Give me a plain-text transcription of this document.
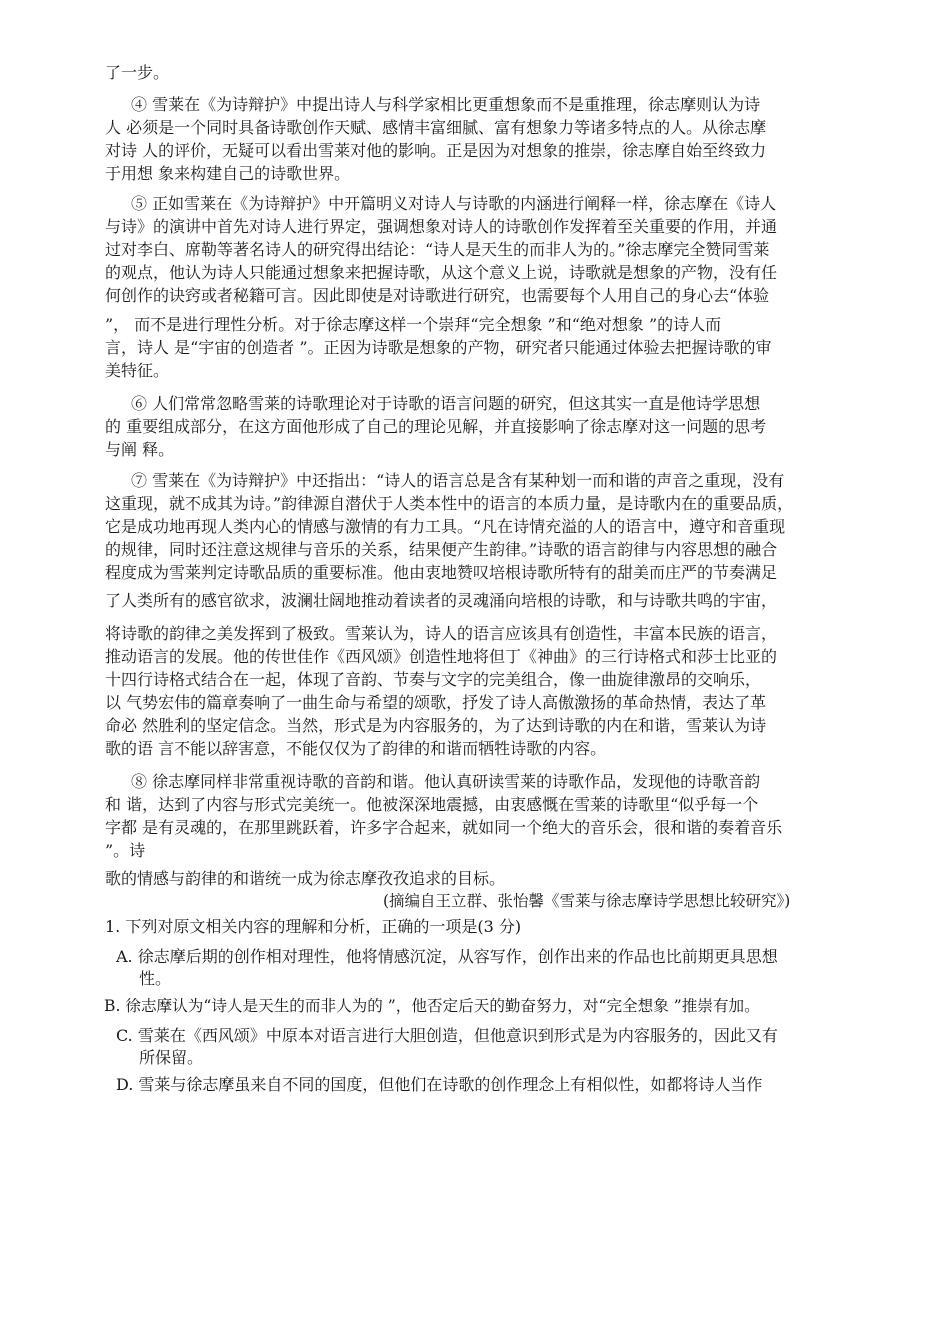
了一步。
④ 雪莱在《为诗辩护》中提出诗人与科学家相比更重想象而不是重推理，徐志摩则认为诗
人 必须是一个同时具备诗歌创作天赋、感情丰富细腻、富有想象力等诸多特点的人。从徐志摩
对诗 人的评价，无疑可以看出雪莱对他的影响。正是因为对想象的推崇，徐志摩自始至终致力
于用想 象来构建自己的诗歌世界。
⑤ 正如雪莱在《为诗辩护》中开篇明义对诗人与诗歌的内涵进行阐释一样，徐志摩在《诗人
与诗》的演讲中首先对诗人进行界定，强调想象对诗人的诗歌创作发挥着至关重要的作用，并通
过对李白、席勒等著名诗人的研究得出结论：“诗人是天生的而非人为的。”徐志摩完全赞同雪莱
的观点，他认为诗人只能通过想象来把握诗歌，从这个意义上说，诗歌就是想象的产物，没有任
何创作的诀窍或者秘籍可言。因此即使是对诗歌进行研究，也需要每个人用自己的身心去“体验
”， 而不是进行理性分析。对于徐志摩这样一个崇拜“完全想象 ”和“绝对想象 ”的诗人而
言，诗人 是“宇宙的创造者 ”。正因为诗歌是想象的产物，研究者只能通过体验去把握诗歌的审
美特征。
⑥ 人们常常忽略雪莱的诗歌理论对于诗歌的语言问题的研究，但这其实一直是他诗学思想
的 重要组成部分，在这方面他形成了自己的理论见解，并直接影响了徐志摩对这一问题的思考
与阐 释。
⑦ 雪莱在《为诗辩护》中还指出：“诗人的语言总是含有某种划一而和谐的声音之重现，没有
这重现，就不成其为诗。”韵律源自潜伏于人类本性中的语言的本质力量，是诗歌内在的重要品质，
它是成功地再现人类内心的情感与激情的有力工具。“凡在诗情充溢的人的语言中，遵守和音重现
的规律，同时还注意这规律与音乐的关系，结果便产生韵律。”诗歌的语言韵律与内容思想的融合
程度成为雪莱判定诗歌品质的重要标准。他由衷地赞叹培根诗歌所特有的甜美而庄严的节奏满足
了人类所有的感官欲求，波澜壮阔地推动着读者的灵魂涌向培根的诗歌，和与诗歌共鸣的宇宙，
将诗歌的韵律之美发挥到了极致。雪莱认为，诗人的语言应该具有创造性，丰富本民族的语言，
推动语言的发展。他的传世佳作《西风颂》创造性地将但丁《神曲》的三行诗格式和莎士比亚的
十四行诗格式结合在一起，体现了音韵、节奏与文字的完美组合，像一曲旋律激昂的交响乐，
以 气势宏伟的篇章奏响了一曲生命与希望的颂歌，抒发了诗人高傲激扬的革命热情，表达了革
命必 然胜利的坚定信念。当然，形式是为内容服务的，为了达到诗歌的内在和谐，雪莱认为诗
歌的语 言不能以辞害意，不能仅仅为了韵律的和谐而牺牲诗歌的内容。
⑧ 徐志摩同样非常重视诗歌的音韵和谐。他认真研读雪莱的诗歌作品，发现他的诗歌音韵
和 谐，达到了内容与形式完美统一。他被深深地震撼，由衷感慨在雪莱的诗歌里“似乎每一个
字都 是有灵魂的，在那里跳跃着，许多字合起来，就如同一个绝大的音乐会，很和谐的奏着音乐
”。诗
歌的情感与韵律的和谐统一成为徐志摩孜孜追求的目标。
(摘编自王立群、张怡馨《雪莱与徐志摩诗学思想比较研究》)
1. 下列对原文相关内容的理解和分析，正确的一项是(3 分)
A. 徐志摩后期的创作相对理性，他将情感沉淀，从容写作，创作出来的作品也比前期更具思想
性。
B. 徐志摩认为“诗人是天生的而非人为的 ”，他否定后天的勤奋努力，对“完全想象 ”推崇有加。
C. 雪莱在《西风颂》中原本对语言进行大胆创造，但他意识到形式是为内容服务的，因此又有
所保留。
D. 雪莱与徐志摩虽来自不同的国度，但他们在诗歌的创作理念上有相似性，如都将诗人当作
